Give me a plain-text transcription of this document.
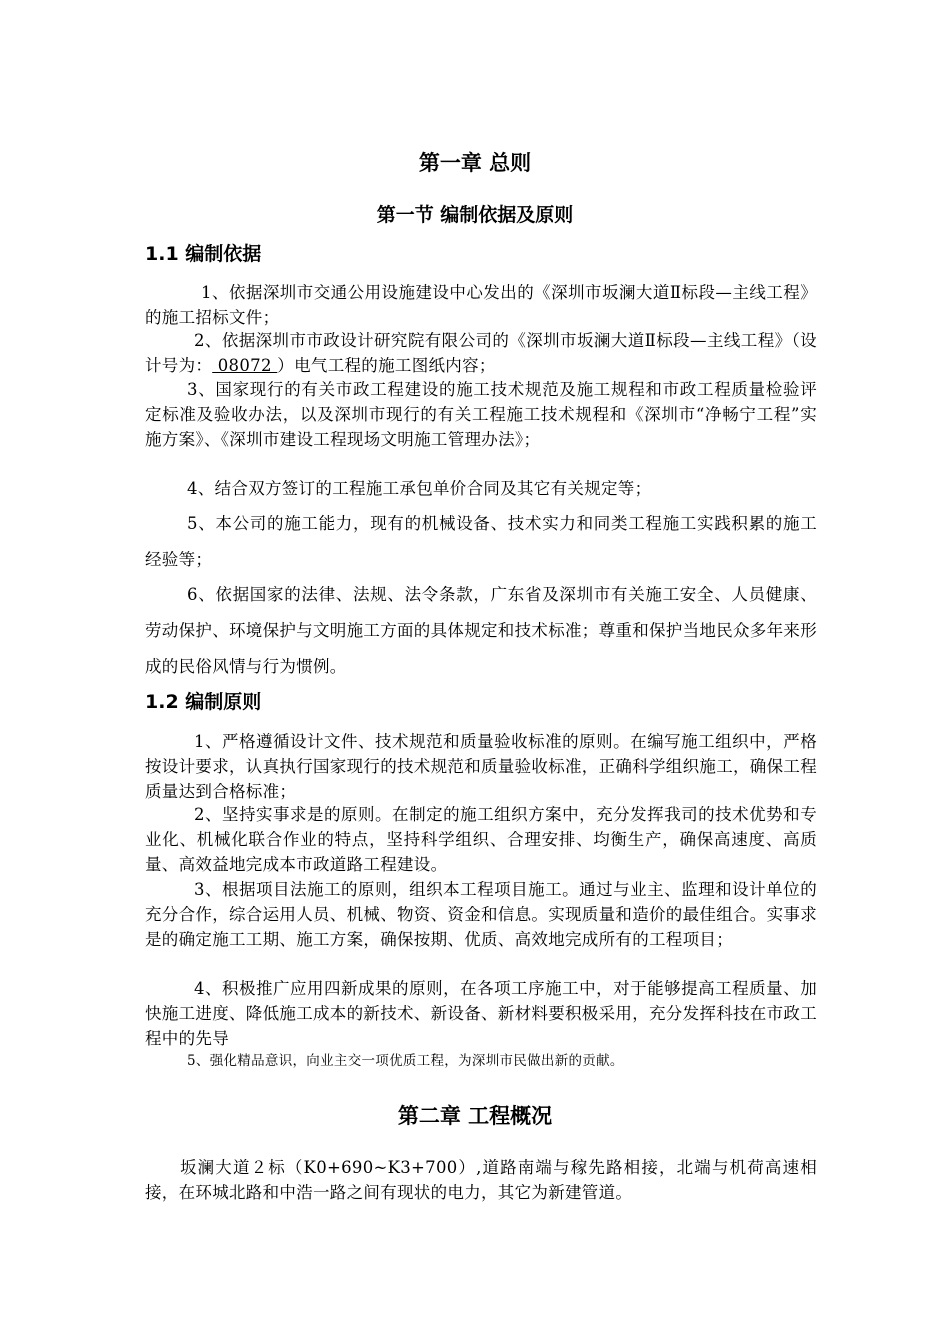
第一章 总则
第一节 编制依据及原则
1.1 编制依据
1、依据深圳市交通公用设施建设中心发出的《深圳市坂澜大道Ⅱ标段—主线工程》的施工招标文件；
2、依据深圳市市政设计研究院有限公司的《深圳市坂澜大道Ⅱ标段—主线工程》（设计号为： 08072 ）电气工程的施工图纸内容；
3、国家现行的有关市政工程建设的施工技术规范及施工规程和市政工程质量检验评定标准及验收办法，以及深圳市现行的有关工程施工技术规程和《深圳市“净畅宁工程”实施方案》、《深圳市建设工程现场文明施工管理办法》；
4、结合双方签订的工程施工承包单价合同及其它有关规定等；
5、本公司的施工能力，现有的机械设备、技术实力和同类工程施工实践积累的施工经验等；
6、依据国家的法律、法规、法令条款，广东省及深圳市有关施工安全、人员健康、劳动保护、环境保护与文明施工方面的具体规定和技术标准；尊重和保护当地民众多年来形成的民俗风情与行为惯例。
1.2 编制原则
1、严格遵循设计文件、技术规范和质量验收标准的原则。在编写施工组织中，严格按设计要求，认真执行国家现行的技术规范和质量验收标准，正确科学组织施工，确保工程质量达到合格标准；
2、坚持实事求是的原则。在制定的施工组织方案中，充分发挥我司的技术优势和专业化、机械化联合作业的特点，坚持科学组织、合理安排、均衡生产，确保高速度、高质量、高效益地完成本市政道路工程建设。
3、根据项目法施工的原则，组织本工程项目施工。通过与业主、监理和设计单位的充分合作，综合运用人员、机械、物资、资金和信息。实现质量和造价的最佳组合。实事求是的确定施工工期、施工方案，确保按期、优质、高效地完成所有的工程项目；
4、积极推广应用四新成果的原则，在各项工序施工中，对于能够提高工程质量、加快施工进度、降低施工成本的新技术、新设备、新材料要积极采用，充分发挥科技在市政工程中的先导
5、强化精品意识，向业主交一项优质工程，为深圳市民做出新的贡献。
第二章 工程概况
坂澜大道２标（K0+690~K3+700）,道路南端与稼先路相接，北端与机荷高速相接，在环城北路和中浩一路之间有现状的电力，其它为新建管道。
